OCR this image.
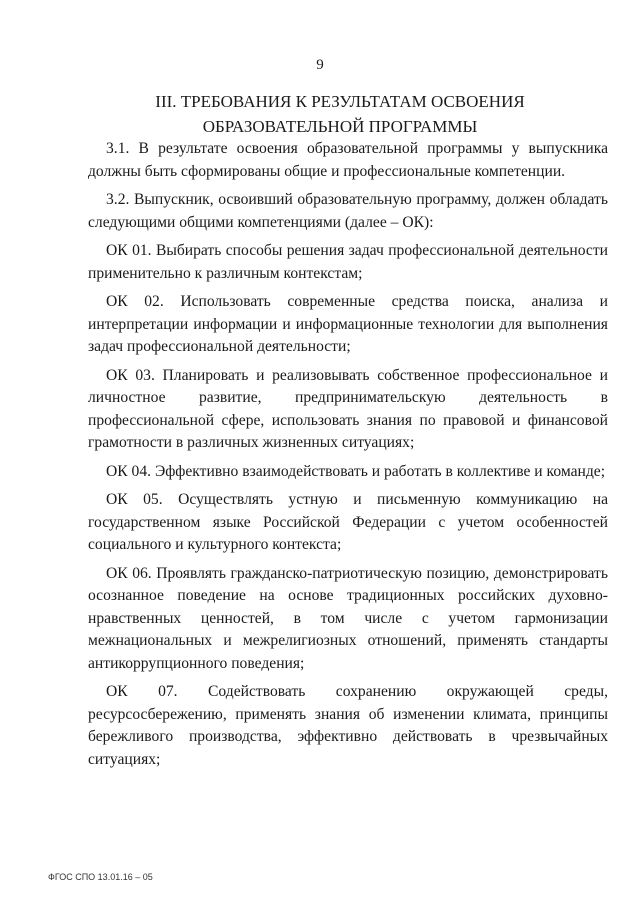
9
III. ТРЕБОВАНИЯ К РЕЗУЛЬТАТАМ ОСВОЕНИЯ ОБРАЗОВАТЕЛЬНОЙ ПРОГРАММЫ

3.1. В результате освоения образовательной программы у выпускника должны быть сформированы общие и профессиональные компетенции.

3.2. Выпускник, освоивший образовательную программу, должен обладать следующими общими компетенциями (далее – ОК):

ОК 01. Выбирать способы решения задач профессиональной деятельности применительно к различным контекстам;

ОК 02. Использовать современные средства поиска, анализа и интерпретации информации и информационные технологии для выполнения задач профессиональной деятельности;

ОК 03. Планировать и реализовывать собственное профессиональное и личностное развитие, предпринимательскую деятельность в профессиональной сфере, использовать знания по правовой и финансовой грамотности в различных жизненных ситуациях;

ОК 04. Эффективно взаимодействовать и работать в коллективе и команде;

ОК 05. Осуществлять устную и письменную коммуникацию на государственном языке Российской Федерации с учетом особенностей социального и культурного контекста;

ОК 06. Проявлять гражданско-патриотическую позицию, демонстрировать осознанное поведение на основе традиционных российских духовно-нравственных ценностей, в том числе с учетом гармонизации межнациональных и межрелигиозных отношений, применять стандарты антикоррупционного поведения;

ОК 07. Содействовать сохранению окружающей среды, ресурсосбережению, применять знания об изменении климата, принципы бережливого производства, эффективно действовать в чрезвычайных ситуациях;

ФГОС СПО 13.01.16 – 05
